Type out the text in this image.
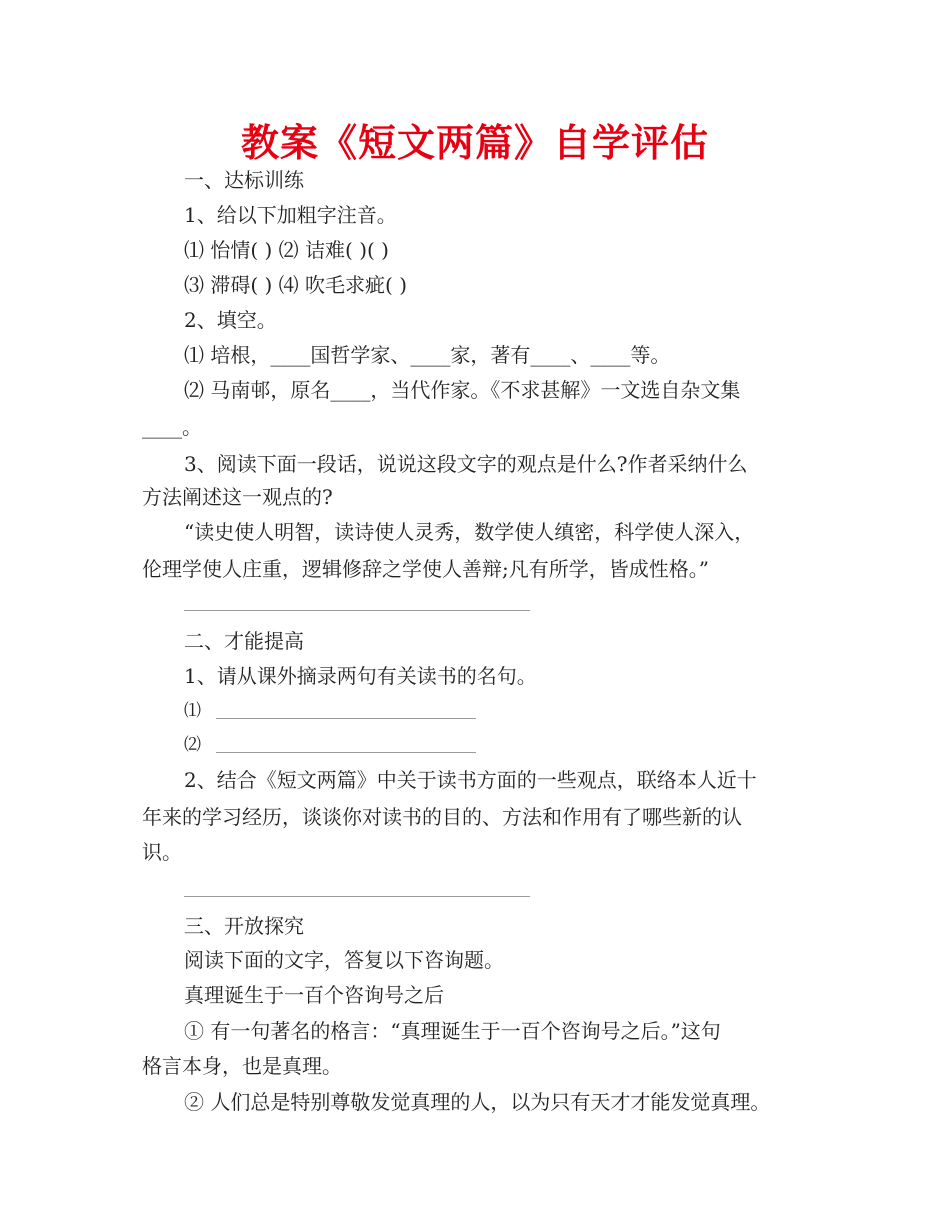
教案《短文两篇》自学评估
一、达标训练
1、给以下加粗字注音。
⑴ 怡情( ) ⑵ 诘难( )( )
⑶ 滞碍( ) ⑷ 吹毛求疵( )
2、填空。
⑴ 培根，____国哲学家、____家，著有____、____等。
⑵ 马南邨，原名____，当代作家。《不求甚解》一文选自杂文集
____。
3、阅读下面一段话，说说这段文字的观点是什么?作者采纳什么
方法阐述这一观点的?
“读史使人明智，读诗使人灵秀，数学使人缜密，科学使人深入，
伦理学使人庄重，逻辑修辞之学使人善辩;凡有所学，皆成性格。”
二、才能提高
1、请从课外摘录两句有关读书的名句。
⑴
⑵
2、结合《短文两篇》中关于读书方面的一些观点，联络本人近十
年来的学习经历，谈谈你对读书的目的、方法和作用有了哪些新的认
识。
三、开放探究
阅读下面的文字，答复以下咨询题。
真理诞生于一百个咨询号之后
① 有一句著名的格言：“真理诞生于一百个咨询号之后。”这句
格言本身，也是真理。
② 人们总是特别尊敬发觉真理的人，以为只有天才才能发觉真理。
